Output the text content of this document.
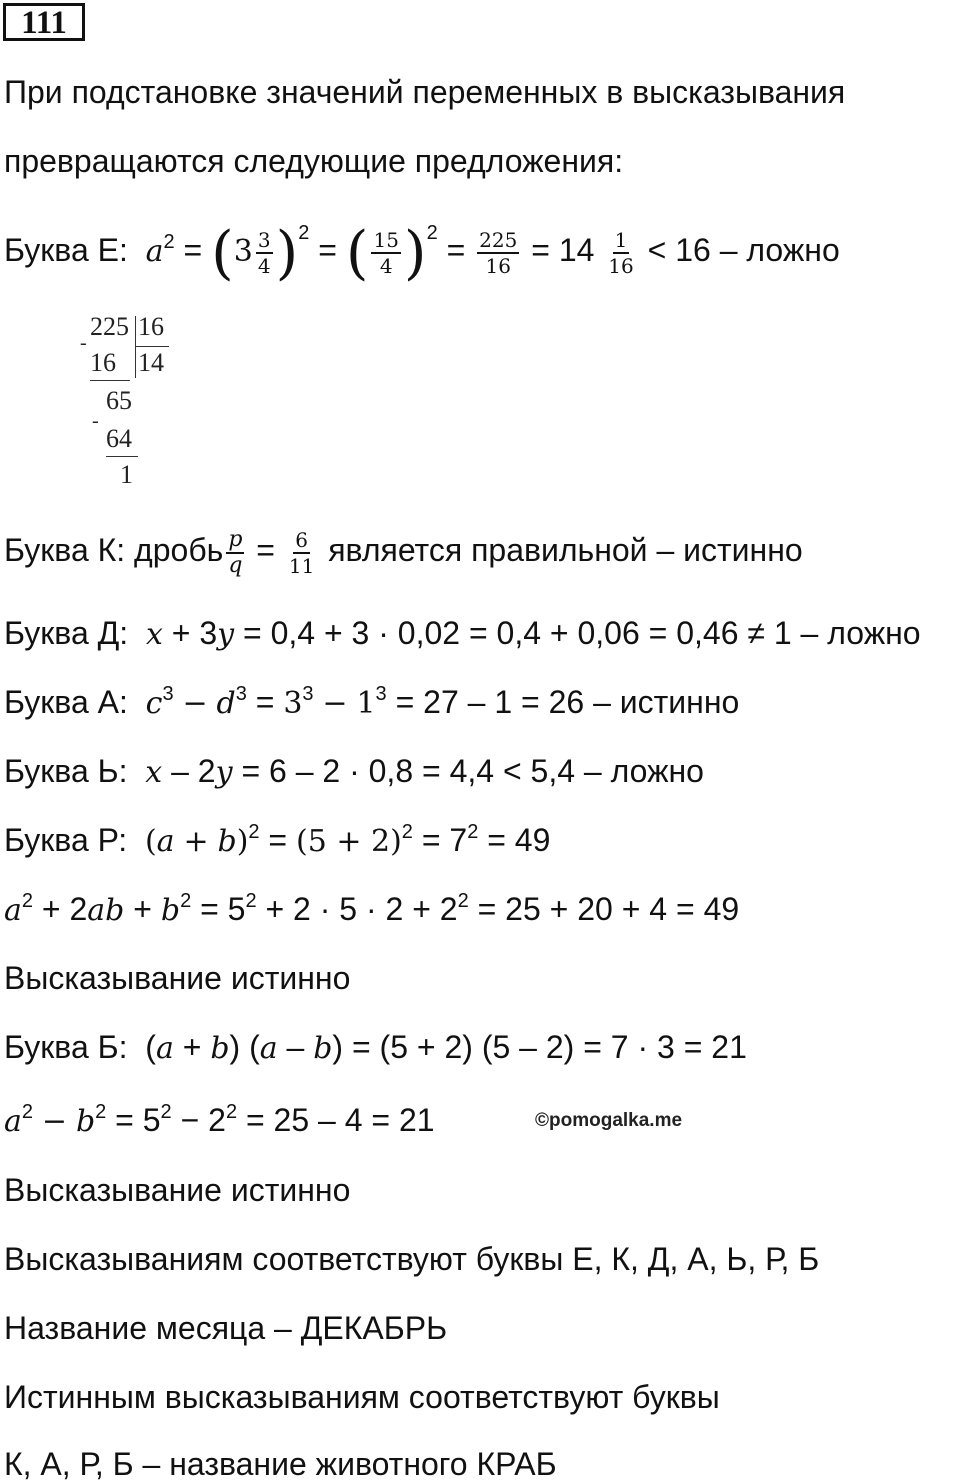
111
При подстановке значений переменных в высказывания
превращаются следующие предложения:
Буква Е: $a^2 = (3 \frac{3}{4} )^2$ = ( $\frac{15}{4} )^2 = \frac{225}{16} = 14 \frac{1}{16} < 16$ – ложно
225 16
-
16 14
65
-
64
1
Буква К: дробь $\frac{p}{q} = \frac{6}{11}$ является правильной – истинно
Буква Д: x + 3y = 0,4 + 3 · 0,02 = 0,4 + 0,06 = 0,46 ≠ 1 – ложно
Буква А: $c^3 - d^3 = 3^3 - 1^3 = 27 - 1 = 26$ – истинно
Буква Ь: x – 2y = 6 – 2 · 0,8 = 4,4 < 5,4 – ложно
Буква Р: $(a + b)^2 = (5 + 2)^2 = 7^2 = 49$
$a^2 + 2ab + b^2 = 5^2 + 2 \cdot 5 \cdot 2 + 2^2 = 25 + 20 + 4 = 49$
Высказывание истинно
Буква Б: (a + b) (a – b) = (5 + 2) (5 – 2) = 7 · 3 = 21
$a^2 - b^2 = 5^2 - 2^2 = 25 - 4 = 21$	©pomogalka.me
Высказывание истинно
Высказываниям соответствуют буквы Е, К, Д, А, Ь, Р, Б
Название месяца – ДЕКАБРЬ
Истинным высказываниям соответствуют буквы
К, А, Р, Б – название животного КРАБ
